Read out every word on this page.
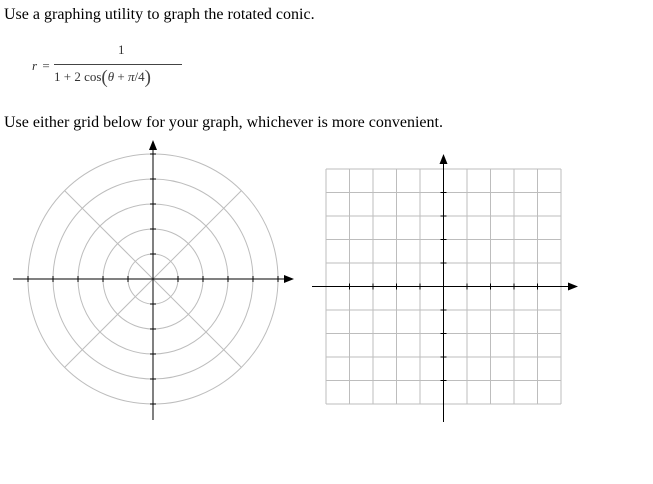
Use a graphing utility to graph the rotated conic.

r =
1
1 + 2 cos(θ + π/4)

Use either grid below for your graph, whichever is more convenient.
